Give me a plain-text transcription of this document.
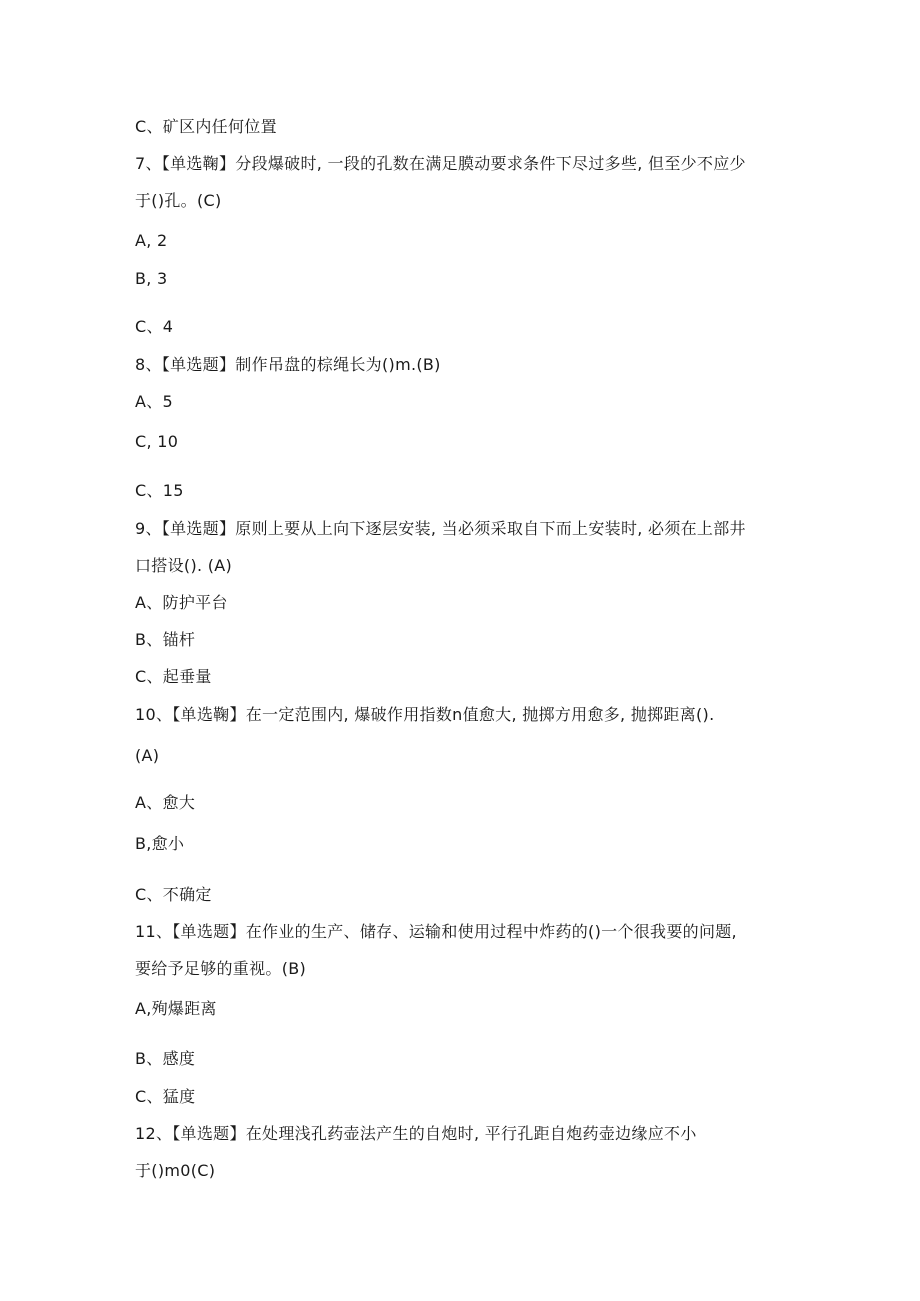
C、矿区内任何位置
7、【单选鞠】分段爆破时, 一段的孔数在满足膜动要求条件下尽过多些, 但至少不应少
于()孔。(C)
A, 2
B, 3
C、4
8、【单选题】制作吊盘的棕绳长为()m.(B)
A、5
C, 10
C、15
9、【单选题】原则上要从上向下逐层安装, 当必须采取自下而上安装时, 必须在上部井
口搭设(). (A)
A、防护平台
B、锚杆
C、起垂量
10、【单选鞠】在一定范围内, 爆破作用指数n值愈大, 抛掷方用愈多, 抛掷距离().
(A)
A、愈大
B,愈小
C、不确定
11、【单选题】在作业的生产、储存、运输和使用过程中炸药的()一个很我要的问题,
要给予足够的重视。(B)
A,殉爆距离
B、感度
C、猛度
12、【单选题】在处理浅孔药壶法产生的自炮时, 平行孔距自炮药壶边缘应不小
于()m0(C)
